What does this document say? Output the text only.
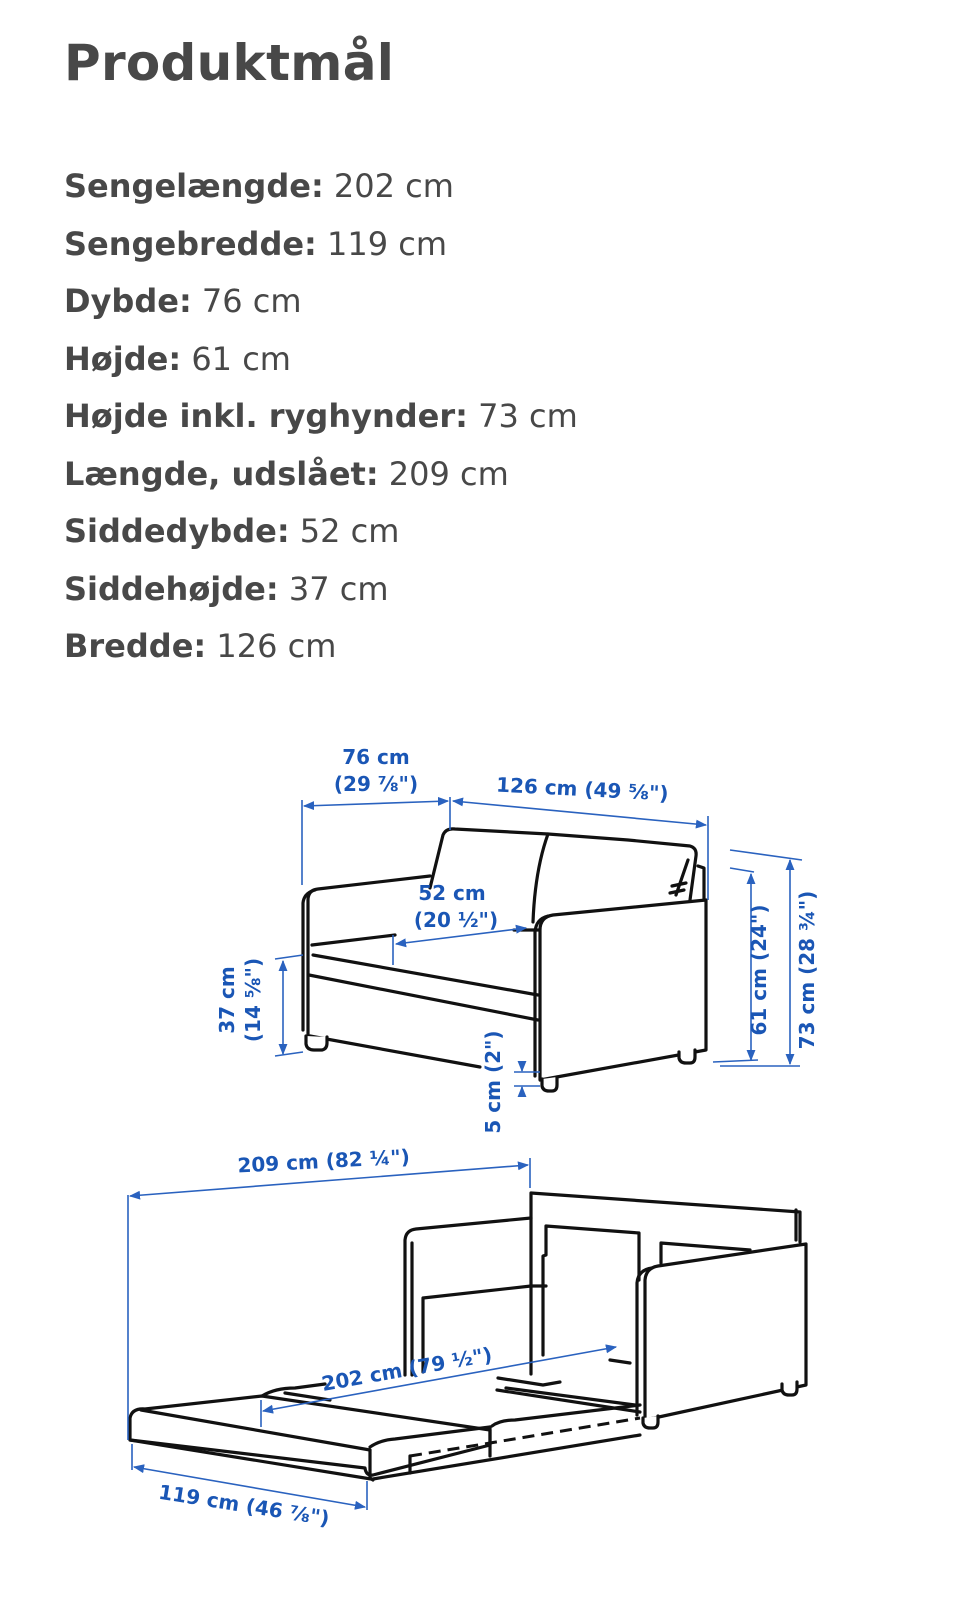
Produktmål
Sengelængde: 202 cm
Sengebredde: 119 cm
Dybde: 76 cm
Højde: 61 cm
Højde inkl. ryghynder: 73 cm
Længde, udslået: 209 cm
Siddedybde: 52 cm
Siddehøjde: 37 cm
Bredde: 126 cm
76 cm
(29 ⅞")	126 cm (49 ⅝")
52 cm
(20 ½")
37 cm (14 ⅝")	61 cm (24") 73 cm (28 ¾")
5 cm (2")
209 cm (82 ¼")
202 cm (79 ½")
119 cm (46 ⅞")
